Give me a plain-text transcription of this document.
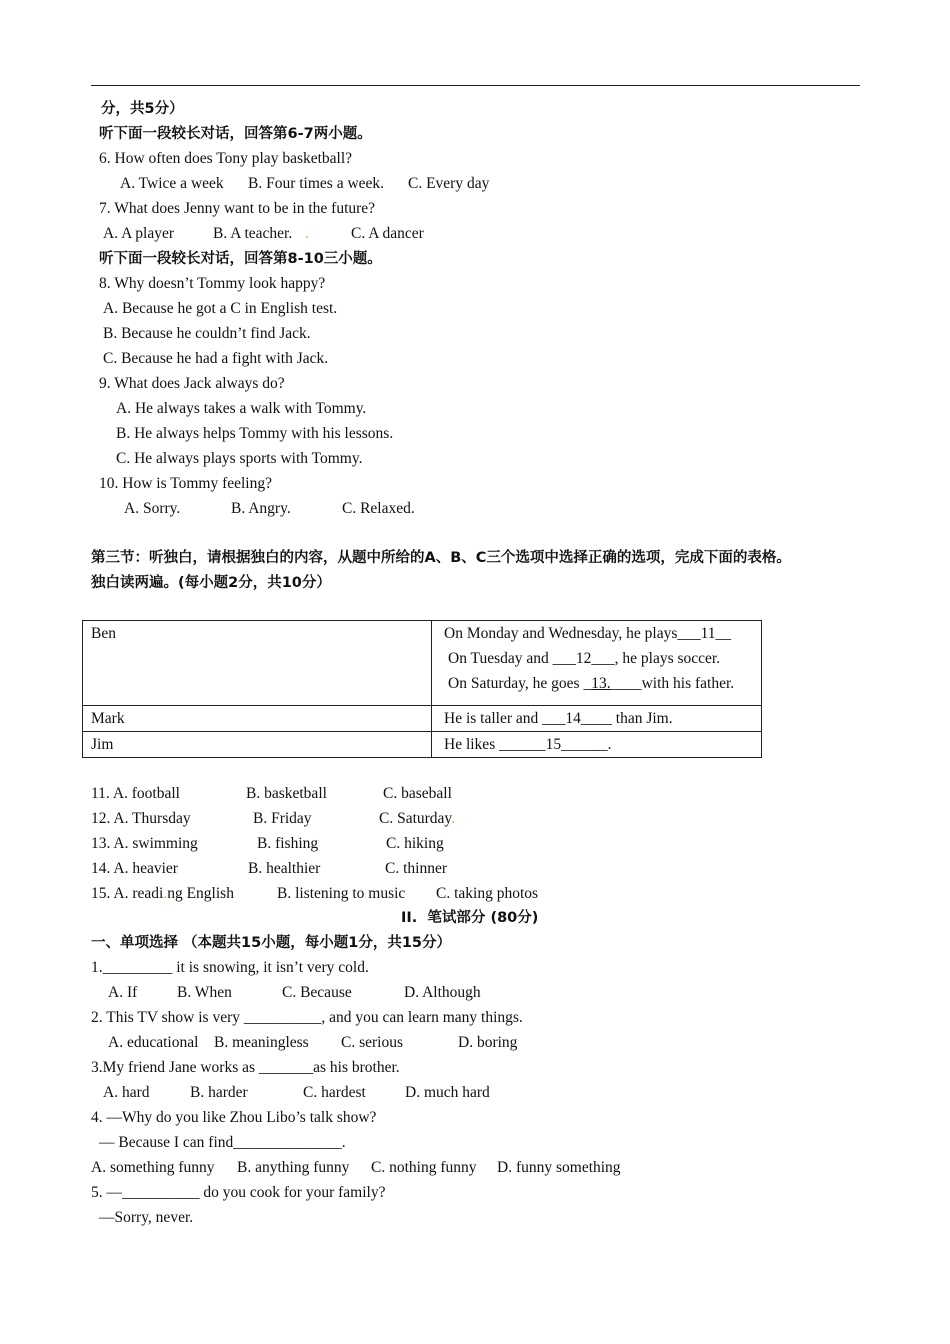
分，共5分）
听下面一段较长对话，回答第6-7两小题。
6. How often does Tony play basketball?
A. Twice a week B. Four times a week. C. Every day
7. What does Jenny want to be in the future?
A. A player	B. A teacher. .	C. A dancer
听下面一段较长对话，回答第8-10三小题。
8. Why doesn’t Tommy look happy?
A. Because he got a C in English test.
B. Because he couldn’t find Jack.
C. Because he had a fight with Jack.
9. What does Jack always do?
A. He always takes a walk with Tommy.
B. He always helps Tommy with his lessons.
C. He always plays sports with Tommy.
10. How is Tommy feeling?
A. Sorry.	B. Angry.	C. Relaxed.
第三节：听独白，请根据独白的内容，从题中所给的A、B、C三个选项中选择正确的选项，完成下面的表格。
独白读两遍。(每小题2分，共10分）
Ben	On Monday and Wednesday, he plays___11__
On Tuesday and ___12___, he plays soccer.
On Saturday, he goes _13.____with his father.

Mark	He is taller and ___14____ than Jim.

Jim	He likes ______15______.
11. A. football	B. basketball	C. baseball
12. A. Thursday	B. Friday	C. Saturday.
13. A. swimming	B. fishing	C. hiking
14. A. heavier	B. healthier	C. thinner
15. A. readi.ng English	B. listening to music C. taking photos
II.  笔试部分 (80分)
一、单项选择 （本题共15小题，每小题1分，共15分）
1._________ it is snowing, it isn’t very cold.
A. If	B. When	C. Because	D. Although
2. This TV show is very __________, and you can learn many things.
A. educational B. meaningless C. serious	D. boring
3.My friend Jane works as _______as his brother.
A. hard	B. harder	C. hardest	D. much hard
4. —Why do you like Zhou Libo’s talk show?
— Because I can find______________.
A. something funny B. anything funny C. nothing funny D. funny something
5. —__________ do you cook for your family?
—Sorry, never.
